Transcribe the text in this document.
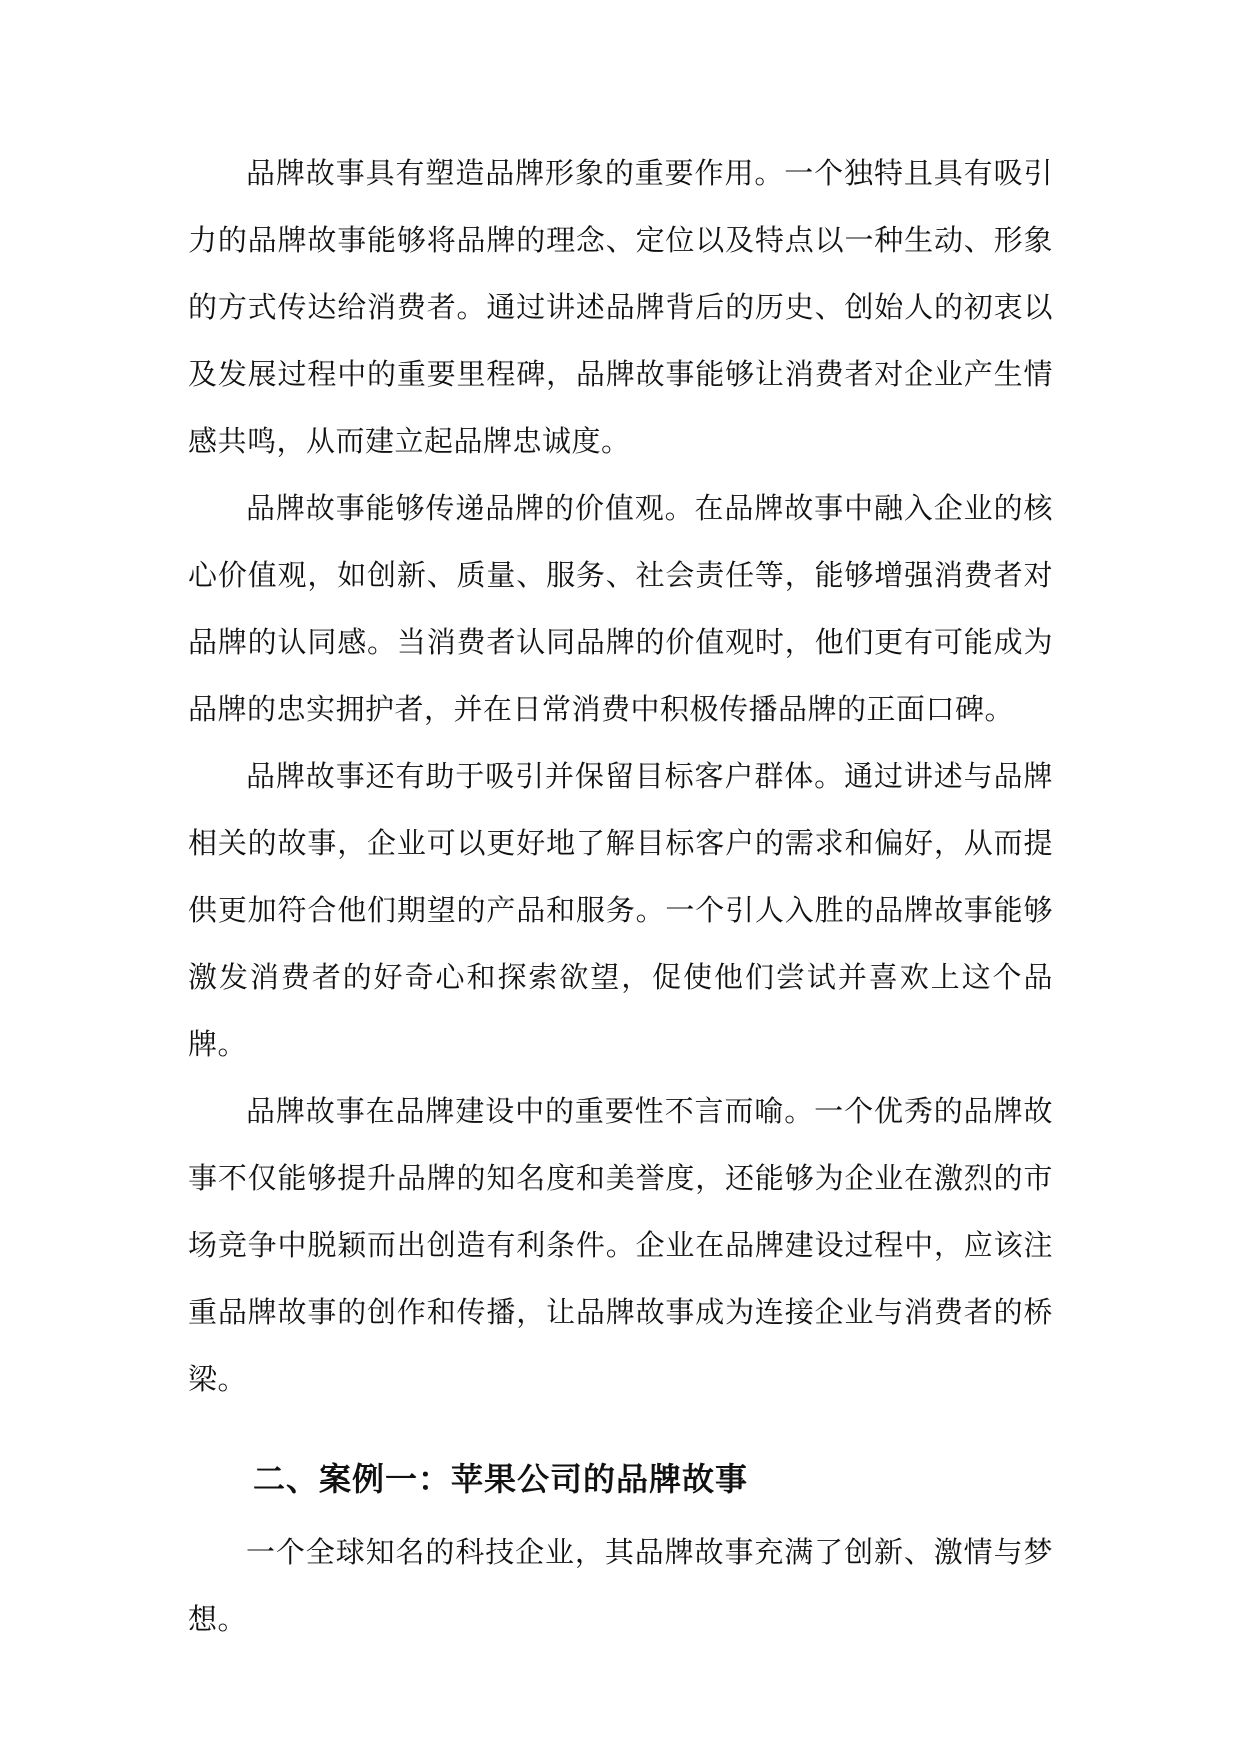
品牌故事具有塑造品牌形象的重要作用。一个独特且具有吸引力的品牌故事能够将品牌的理念、定位以及特点以一种生动、形象的方式传达给消费者。通过讲述品牌背后的历史、创始人的初衷以及发展过程中的重要里程碑，品牌故事能够让消费者对企业产生情感共鸣，从而建立起品牌忠诚度。

品牌故事能够传递品牌的价值观。在品牌故事中融入企业的核心价值观，如创新、质量、服务、社会责任等，能够增强消费者对品牌的认同感。当消费者认同品牌的价值观时，他们更有可能成为品牌的忠实拥护者，并在日常消费中积极传播品牌的正面口碑。

品牌故事还有助于吸引并保留目标客户群体。通过讲述与品牌相关的故事，企业可以更好地了解目标客户的需求和偏好，从而提供更加符合他们期望的产品和服务。一个引人入胜的品牌故事能够激发消费者的好奇心和探索欲望，促使他们尝试并喜欢上这个品牌。

品牌故事在品牌建设中的重要性不言而喻。一个优秀的品牌故事不仅能够提升品牌的知名度和美誉度，还能够为企业在激烈的市场竞争中脱颖而出创造有利条件。企业在品牌建设过程中，应该注重品牌故事的创作和传播，让品牌故事成为连接企业与消费者的桥梁。

二、案例一：苹果公司的品牌故事

一个全球知名的科技企业，其品牌故事充满了创新、激情与梦想。
